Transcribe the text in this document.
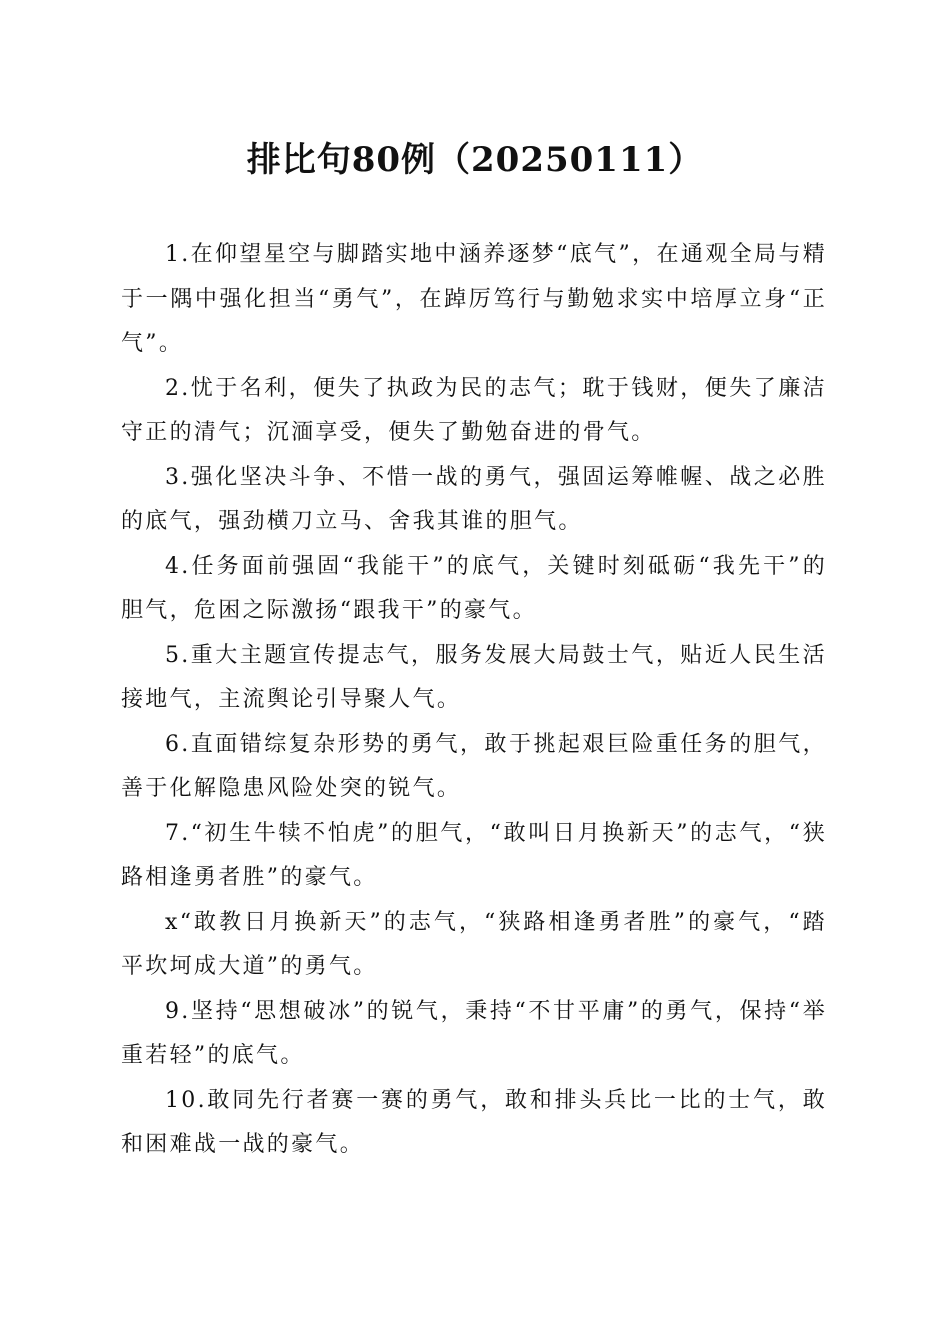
排比句80例（20250111）

1.在仰望星空与脚踏实地中涵养逐梦“底气”，在通观全局与精于一隅中强化担当“勇气”，在踔厉笃行与勤勉求实中培厚立身“正气”。

2.忧于名利，便失了执政为民的志气；耽于钱财，便失了廉洁守正的清气；沉湎享受，便失了勤勉奋进的骨气。

3.强化坚决斗争、不惜一战的勇气，强固运筹帷幄、战之必胜的底气，强劲横刀立马、舍我其谁的胆气。

4.任务面前强固“我能干”的底气，关键时刻砥砺“我先干”的胆气，危困之际激扬“跟我干”的豪气。

5.重大主题宣传提志气，服务发展大局鼓士气，贴近人民生活接地气，主流舆论引导聚人气。

6.直面错综复杂形势的勇气，敢于挑起艰巨险重任务的胆气，善于化解隐患风险处突的锐气。

7.“初生牛犊不怕虎”的胆气，“敢叫日月换新天”的志气，“狭路相逢勇者胜”的豪气。

x“敢教日月换新天”的志气，“狭路相逢勇者胜”的豪气，“踏平坎坷成大道”的勇气。

9.坚持“思想破冰”的锐气，秉持“不甘平庸”的勇气，保持“举重若轻”的底气。

10.敢同先行者赛一赛的勇气，敢和排头兵比一比的士气，敢和困难战一战的豪气。
